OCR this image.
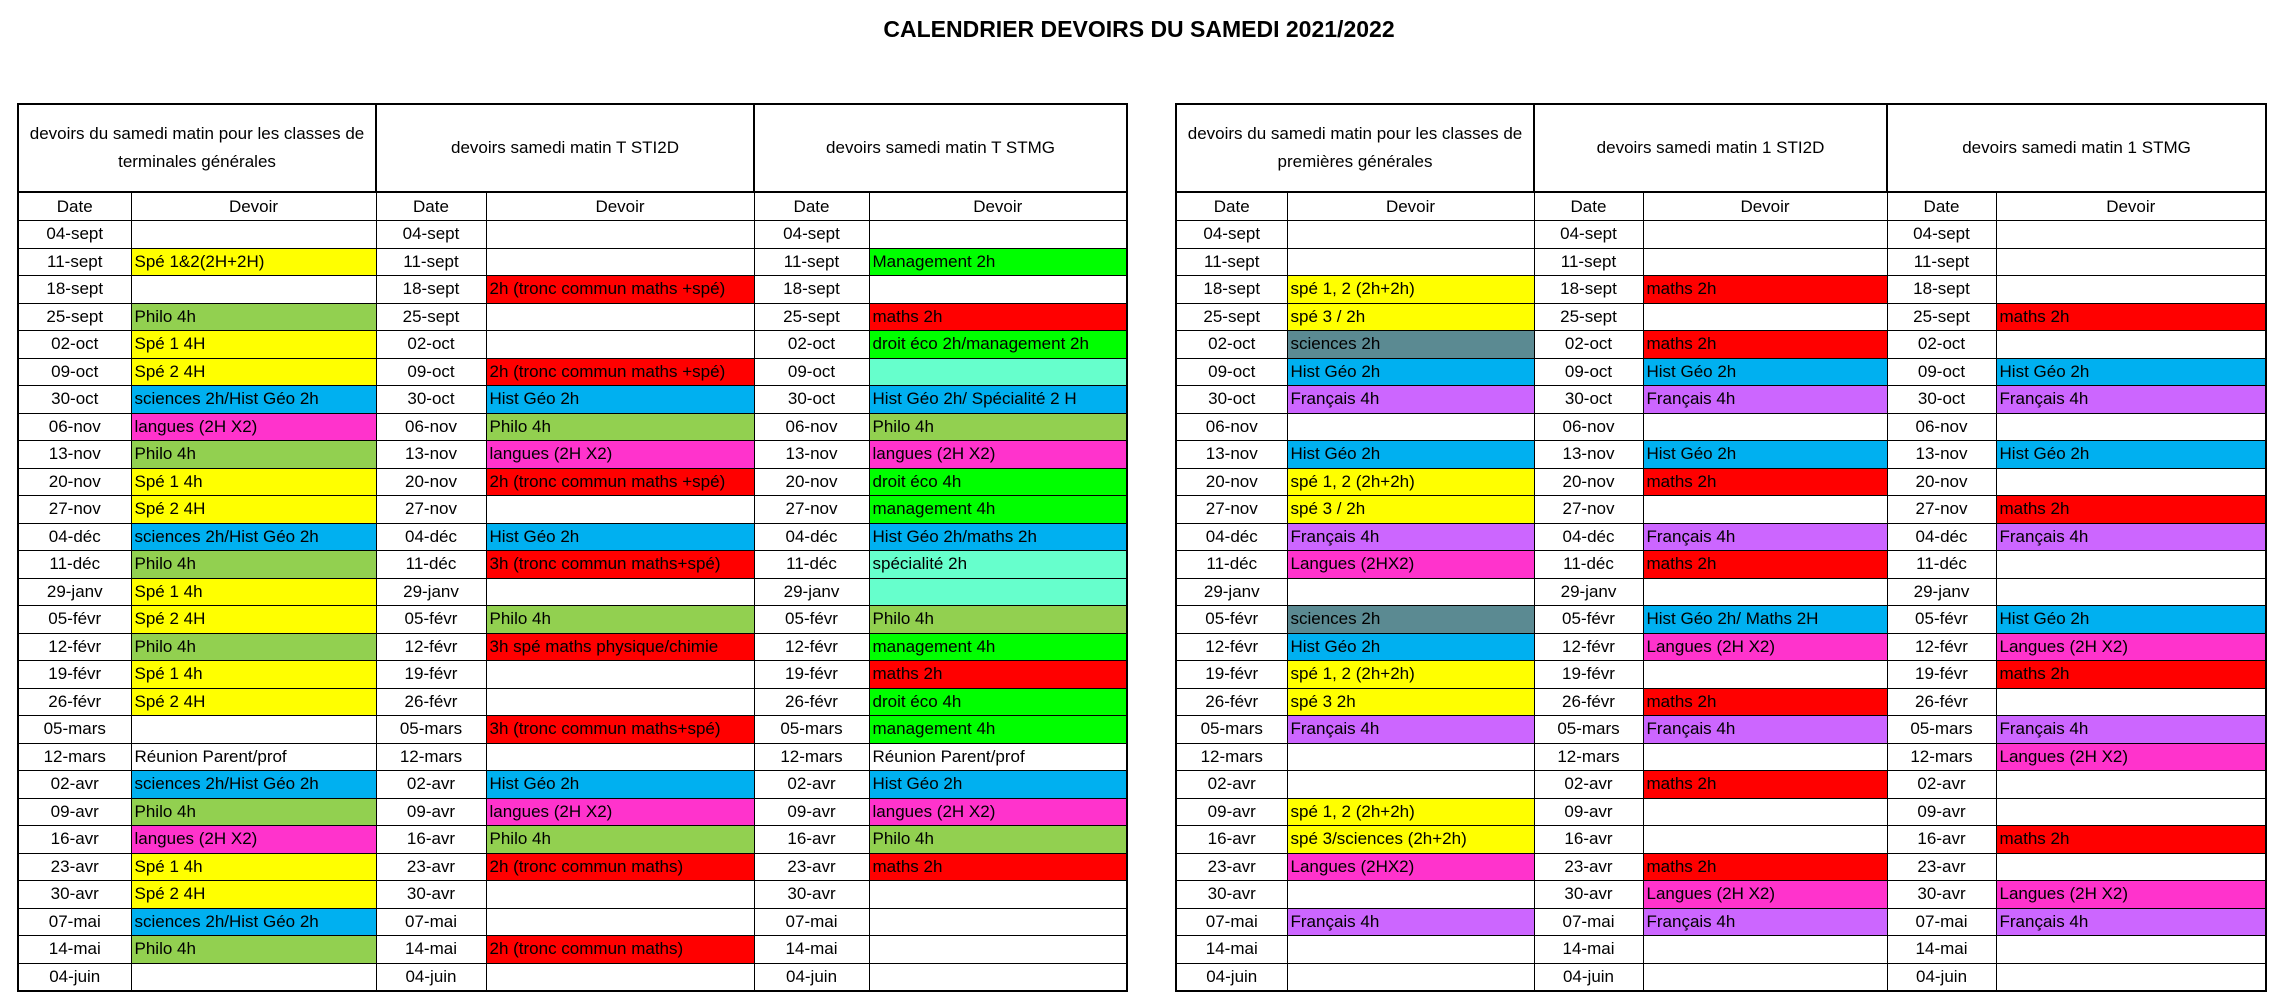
CALENDRIER DEVOIRS DU SAMEDI 2021/2022
devoirs du samedi matin pour les classes de terminales générales		devoirs samedi matin T STI2D		devoirs samedi matin T STMG	
Date	Devoir	Date	Devoir	Date	Devoir
04-sept		04-sept		04-sept	
11-sept	Spé 1&2(2H+2H)	11-sept		11-sept	Management 2h
18-sept		18-sept	2h (tronc commun maths +spé)	18-sept	
25-sept	Philo 4h	25-sept		25-sept	maths 2h
02-oct	Spé 1 4H	02-oct		02-oct	droit éco 2h/management 2h
09-oct	Spé 2 4H	09-oct	2h (tronc commun maths +spé)	09-oct	
30-oct	sciences 2h/Hist Géo 2h	30-oct	Hist Géo 2h	30-oct	Hist Géo 2h/ Spécialité 2 H
06-nov	langues (2H X2)	06-nov	Philo 4h	06-nov	Philo 4h
13-nov	Philo 4h	13-nov	langues (2H X2)	13-nov	langues (2H X2)
20-nov	Spé 1 4h	20-nov	2h (tronc commun maths +spé)	20-nov	droit éco 4h
27-nov	Spé 2 4H	27-nov		27-nov	management 4h
04-déc	sciences 2h/Hist Géo 2h	04-déc	Hist Géo 2h	04-déc	Hist Géo 2h/maths 2h
11-déc	Philo 4h	11-déc	3h (tronc commun maths+spé)	11-déc	spécialité 2h
29-janv	Spé 1 4h	29-janv		29-janv	
05-févr	Spé 2 4H	05-févr	Philo 4h	05-févr	Philo 4h
12-févr	Philo 4h	12-févr	3h spé maths physique/chimie	12-févr	management 4h
19-févr	Spé 1 4h	19-févr		19-févr	maths 2h
26-févr	Spé 2 4H	26-févr		26-févr	droit éco 4h
05-mars		05-mars	3h (tronc commun maths+spé)	05-mars	management 4h
12-mars	Réunion Parent/prof	12-mars		12-mars	Réunion Parent/prof
02-avr	sciences 2h/Hist Géo 2h	02-avr	Hist Géo 2h	02-avr	Hist Géo 2h
09-avr	Philo 4h	09-avr	langues (2H X2)	09-avr	langues (2H X2)
16-avr	langues (2H X2)	16-avr	Philo 4h	16-avr	Philo 4h
23-avr	Spé 1 4h	23-avr	2h (tronc commun maths)	23-avr	maths 2h
30-avr	Spé 2 4H	30-avr		30-avr	
07-mai	sciences 2h/Hist Géo 2h	07-mai		07-mai	
14-mai	Philo 4h	14-mai	2h (tronc commun maths)	14-mai	
04-juin		04-juin		04-juin	
devoirs du samedi matin pour les classes de premières générales		devoirs samedi matin 1 STI2D		devoirs samedi matin 1 STMG	
Date	Devoir	Date	Devoir	Date	Devoir
04-sept		04-sept		04-sept	
11-sept		11-sept		11-sept	
18-sept	spé 1, 2 (2h+2h)	18-sept	maths 2h	18-sept	
25-sept	spé 3 / 2h	25-sept		25-sept	maths 2h
02-oct	sciences 2h	02-oct	maths 2h	02-oct	
09-oct	Hist Géo 2h	09-oct	Hist Géo 2h	09-oct	Hist Géo 2h
30-oct	Français 4h	30-oct	Français 4h	30-oct	Français 4h
06-nov		06-nov		06-nov	
13-nov	Hist Géo 2h	13-nov	Hist Géo 2h	13-nov	Hist Géo 2h
20-nov	spé 1, 2 (2h+2h)	20-nov	maths 2h	20-nov	
27-nov	spé 3 / 2h	27-nov		27-nov	maths 2h
04-déc	Français 4h	04-déc	Français 4h	04-déc	Français 4h
11-déc	Langues (2HX2)	11-déc	maths 2h	11-déc	
29-janv		29-janv		29-janv	
05-févr	sciences 2h	05-févr	Hist Géo 2h/ Maths 2H	05-févr	Hist Géo 2h
12-févr	Hist Géo 2h	12-févr	Langues (2H X2)	12-févr	Langues (2H X2)
19-févr	spé 1, 2 (2h+2h)	19-févr		19-févr	maths 2h
26-févr	spé 3 2h	26-févr	maths 2h	26-févr	
05-mars	Français 4h	05-mars	Français 4h	05-mars	Français 4h
12-mars		12-mars		12-mars	Langues (2H X2)
02-avr		02-avr	maths 2h	02-avr	
09-avr	spé 1, 2 (2h+2h)	09-avr		09-avr	
16-avr	spé 3/sciences (2h+2h)	16-avr		16-avr	maths 2h
23-avr	Langues (2HX2)	23-avr	maths 2h	23-avr	
30-avr		30-avr	Langues (2H X2)	30-avr	Langues (2H X2)
07-mai	Français 4h	07-mai	Français 4h	07-mai	Français 4h
14-mai		14-mai		14-mai	
04-juin		04-juin		04-juin	
